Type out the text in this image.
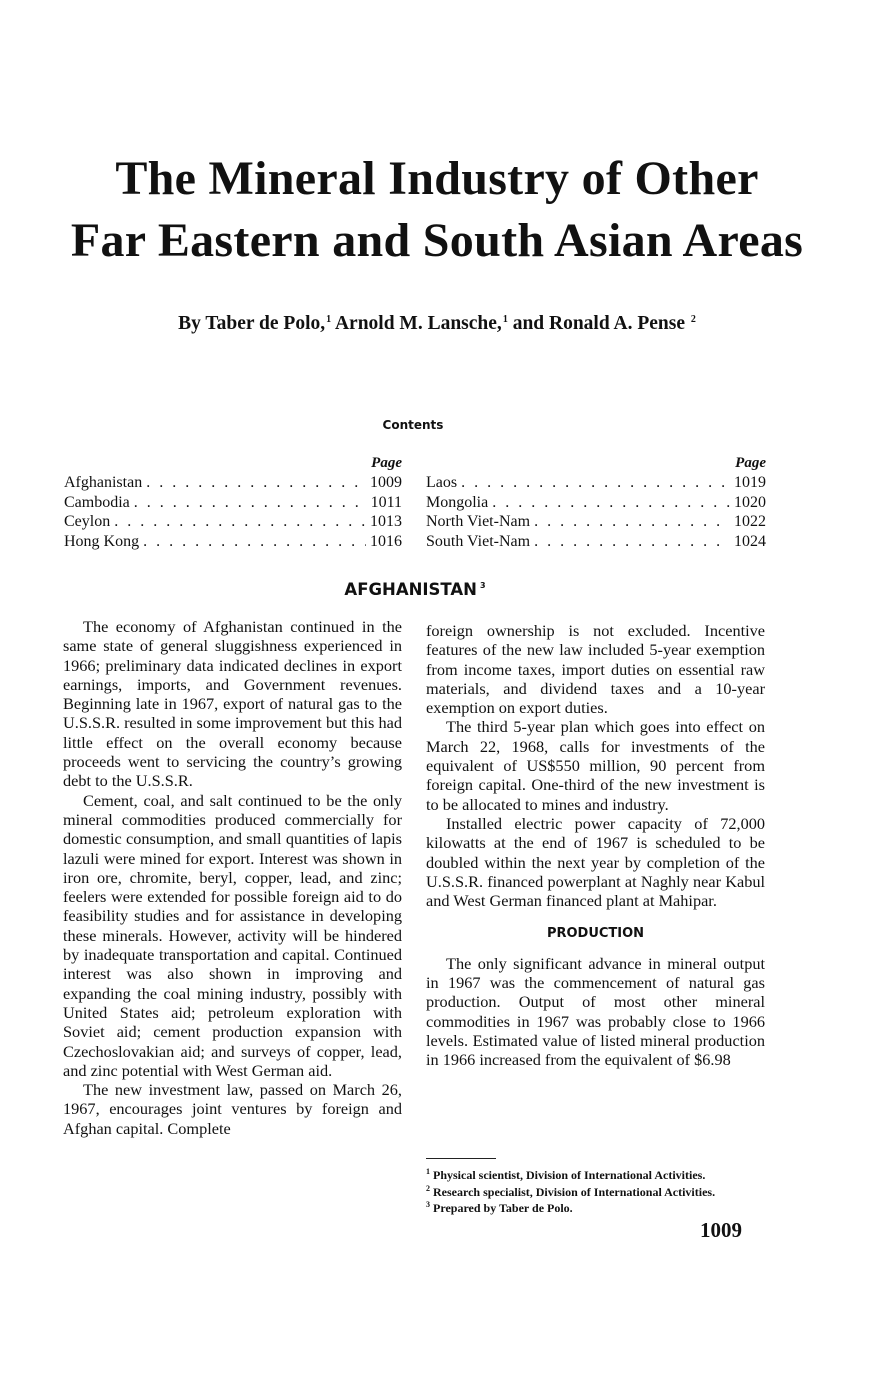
The Mineral Industry of Other
Far Eastern and South Asian Areas
By Taber de Polo,$^1$ Arnold M. Lansche,$^1$ and Ronald A. Pense $^2$
Contents
Page
Afghanistan . . .	1009
Cambodia . . .	1011
Ceylon . . .	1013
Hong Kong . . .	1016
Page
Laos . . .	1019
Mongolia . . .	1020
North Viet-Nam . . .	1022
South Viet-Nam . . .	1024
AFGHANISTAN $^3$

The economy of Afghanistan continued in the same state of general sluggishness experienced in 1966; preliminary data indicated declines in export earnings, imports, and Government revenues. Beginning late in 1967, export of natural gas to the U.S.S.R. resulted in some improvement but this had little effect on the overall economy because proceeds went to servicing the country’s growing debt to the U.S.S.R.

Cement, coal, and salt continued to be the only mineral commodities produced commercially for domestic consumption, and small quantities of lapis lazuli were mined for export. Interest was shown in iron ore, chromite, beryl, copper, lead, and zinc; feelers were extended for possible foreign aid to do feasibility studies and for assistance in developing these minerals. However, activity will be hindered by inadequate transportation and capital. Continued interest was also shown in improving and expanding the coal mining industry, possibly with United States aid; petroleum exploration with Soviet aid; cement production expansion with Czechoslovakian aid; and surveys of copper, lead, and zinc potential with West German aid.

The new investment law, passed on March 26, 1967, encourages joint ventures by foreign and Afghan capital. Complete

foreign ownership is not excluded. Incentive features of the new law included 5-year exemption from income taxes, import duties on essential raw materials, and dividend taxes and a 10-year exemption on export duties.

The third 5-year plan which goes into effect on March 22, 1968, calls for investments of the equivalent of US$550 million, 90 percent from foreign capital. One-third of the new investment is to be allocated to mines and industry.

Installed electric power capacity of 72,000 kilowatts at the end of 1967 is scheduled to be doubled within the next year by completion of the U.S.S.R. financed powerplant at Naghly near Kabul and West German financed plant at Mahipar.

PRODUCTION

The only significant advance in mineral output in 1967 was the commencement of natural gas production. Output of most other mineral commodities in 1967 was probably close to 1966 levels. Estimated value of listed mineral production in 1966 increased from the equivalent of $6.98

$^1$ Physical scientist, Division of International Activities.
$^2$ Research specialist, Division of International Activities.
$^3$ Prepared by Taber de Polo.
1009
